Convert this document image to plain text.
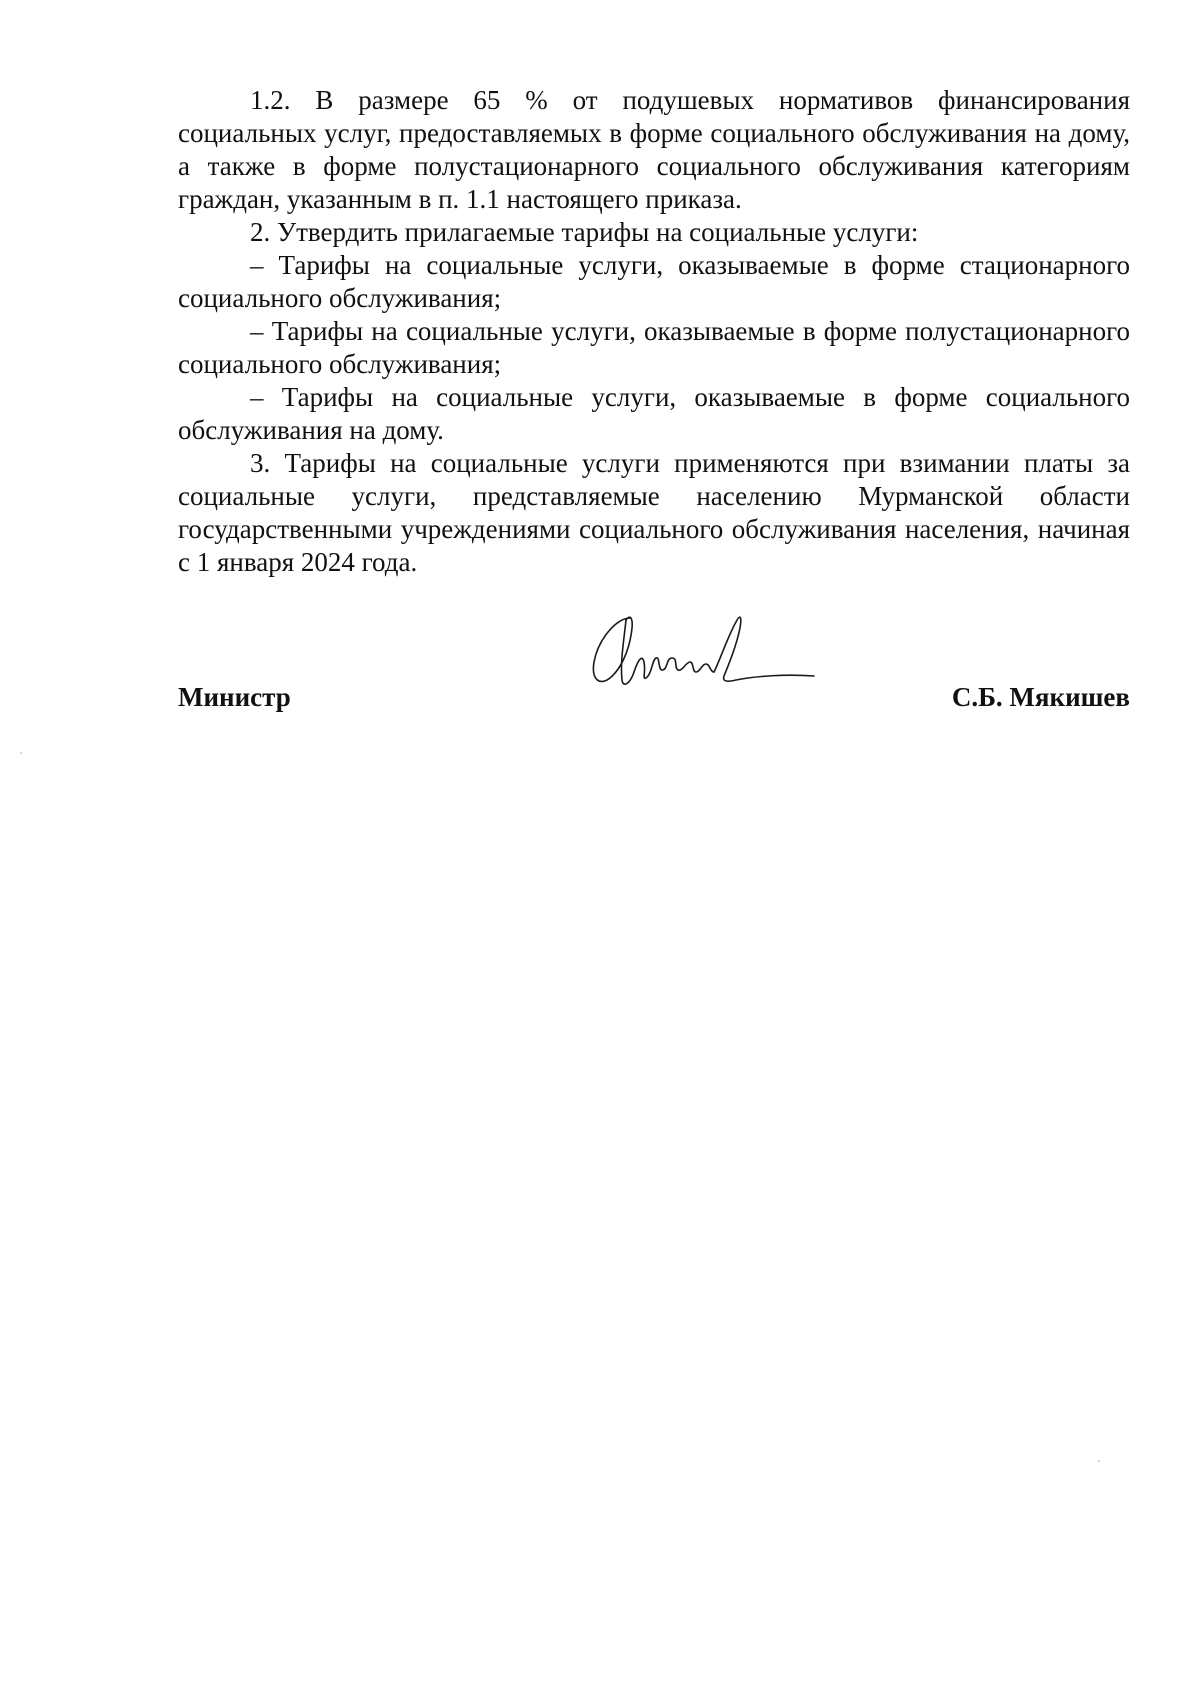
1.2. В размере 65 % от подушевых нормативов финансирования социальных услуг, предоставляемых в форме социального обслуживания на дому, а также в форме полустационарного социального обслуживания категориям граждан, указанным в п. 1.1 настоящего приказа.

2. Утвердить прилагаемые тарифы на социальные услуги:

– Тарифы на социальные услуги, оказываемые в форме стационарного социального обслуживания;

– Тарифы на социальные услуги, оказываемые в форме полустационарного социального обслуживания;

– Тарифы на социальные услуги, оказываемые в форме социального обслуживания на дому.

3. Тарифы на социальные услуги применяются при взимании платы за социальные услуги, представляемые населению Мурманской области государственными учреждениями социального обслуживания населения, начиная с 1 января 2024 года.

Министр	С.Б. Мякишев
